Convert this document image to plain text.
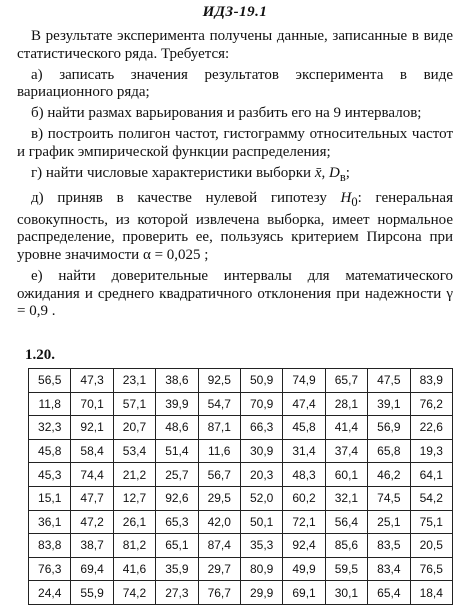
ИДЗ-19.1

В результате эксперимента получены данные, записанные в виде статистического ряда. Требуется:

а) записать значения результатов эксперимента в виде вариационного ряда;

б) найти размах варьирования и разбить его на 9 интервалов;

в) построить полигон частот, гистограмму относительных частот и график эмпирической функции распределения;

г) найти числовые характеристики выборки x̄, $D_в$;

д) приняв в качестве нулевой гипотезу $H_0$: генеральная совокупность, из которой извлечена выборка, имеет нормальное распределение, проверить ее, пользуясь критерием Пирсона при уровне значимости α = 0,025 ;

е) найти доверительные интервалы для математического ожидания и среднего квадратичного отклонения при надежности γ = 0,9 .

1.20.
56,5	47,3	23,1	38,6	92,5	50,9	74,9	65,7	47,5	83,9
11,8	70,1	57,1	39,9	54,7	70,9	47,4	28,1	39,1	76,2
32,3	92,1	20,7	48,6	87,1	66,3	45,8	41,4	56,9	22,6
45,8	58,4	53,4	51,4	11,6	30,9	31,4	37,4	65,8	19,3
45,3	74,4	21,2	25,7	56,7	20,3	48,3	60,1	46,2	64,1
15,1	47,7	12,7	92,6	29,5	52,0	60,2	32,1	74,5	54,2
36,1	47,2	26,1	65,3	42,0	50,1	72,1	56,4	25,1	75,1
83,8	38,7	81,2	65,1	87,4	35,3	92,4	85,6	83,5	20,5
76,3	69,4	41,6	35,9	29,7	80,9	49,9	59,5	83,4	76,5
24,4	55,9	74,2	27,3	76,7	29,9	69,1	30,1	65,4	18,4
